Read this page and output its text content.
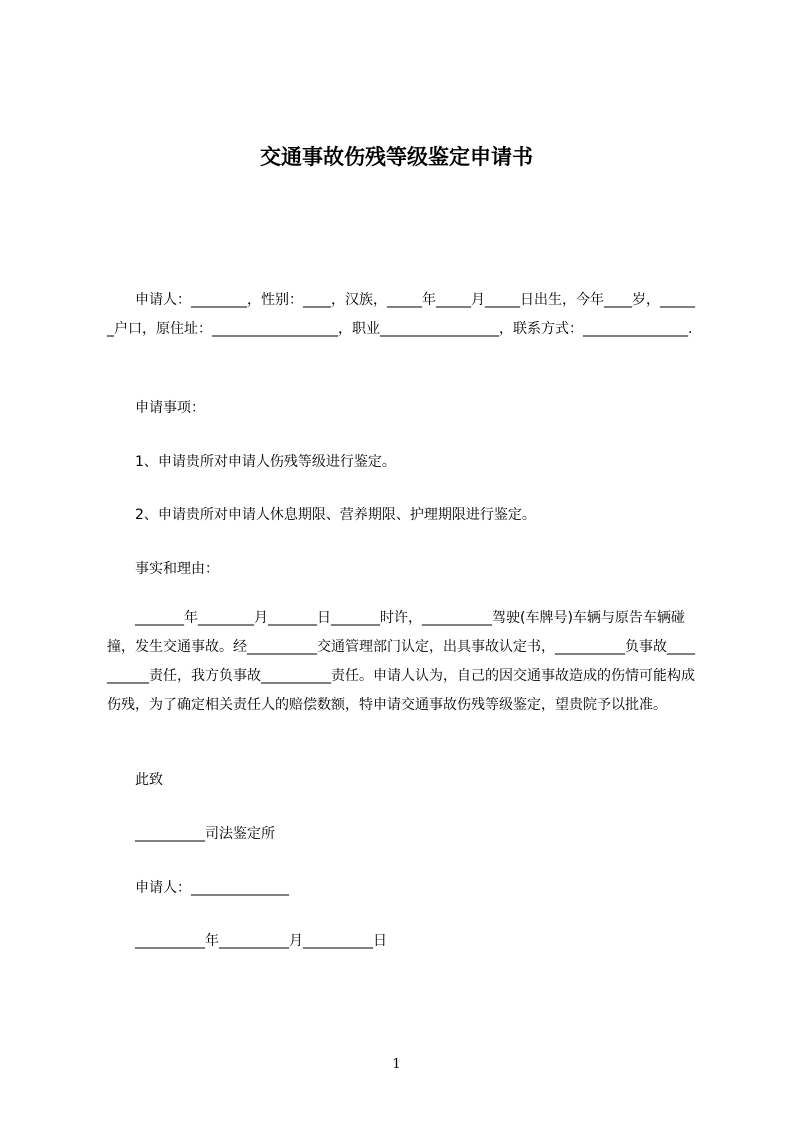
交通事故伤残等级鉴定申请书
申请人：________，性别：____，汉族，_____年_____月_____日出生，今年____岁，______户口，原住址：__________________，职业_________________，联系方式：_______________.
申请事项：
1、申请贵所对申请人伤残等级进行鉴定。
2、申请贵所对申请人休息期限、营养期限、护理期限进行鉴定。
事实和理由：
_______年________月_______日_______时许，__________驾驶(车牌号)车辆与原告车辆碰撞，发生交通事故。经__________交通管理部门认定，出具事故认定书，__________负事故__________责任，我方负事故__________责任。申请人认为，自己的因交通事故造成的伤情可能构成伤残，为了确定相关责任人的赔偿数额，特申请交通事故伤残等级鉴定，望贵院予以批准。
此致
__________司法鉴定所
申请人：______________
__________年__________月__________日
1
